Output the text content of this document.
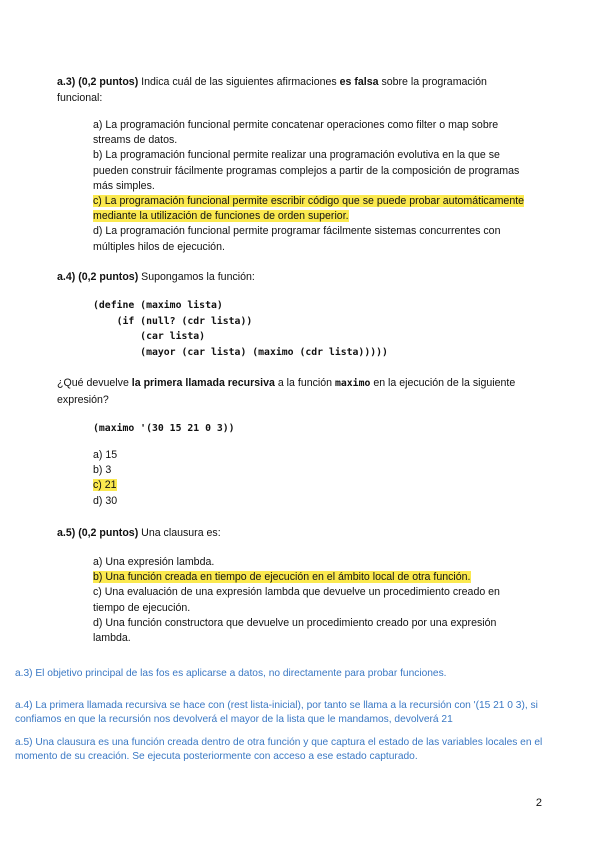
a.3) (0,2 puntos) Indica cuál de las siguientes afirmaciones es falsa sobre la programación funcional:

a) La programación funcional permite concatenar operaciones como filter o map sobre streams de datos.

b) La programación funcional permite realizar una programación evolutiva en la que se pueden construir fácilmente programas complejos a partir de la composición de programas más simples.

c) La programación funcional permite escribir código que se puede probar automáticamente mediante la utilización de funciones de orden superior.

d) La programación funcional permite programar fácilmente sistemas concurrentes con múltiples hilos de ejecución.

a.4) (0,2 puntos) Supongamos la función:
(define (maximo lista)
(if (null? (cdr lista))
(car lista)
(mayor (car lista) (maximo (cdr lista)))))
¿Qué devuelve la primera llamada recursiva a la función maximo en la ejecución de la siguiente expresión?
(maximo '(30 15 21 0 3))

a) 15

b) 3

c) 21

d) 30

a.5) (0,2 puntos) Una clausura es:

a) Una expresión lambda.

b) Una función creada en tiempo de ejecución en el ámbito local de otra función.

c) Una evaluación de una expresión lambda que devuelve un procedimiento creado en tiempo de ejecución.

d) Una función constructora que devuelve un procedimiento creado por una expresión lambda.

a.3) El objetivo principal de las fos es aplicarse a datos, no directamente para probar funciones.
a.4) La primera llamada recursiva se hace con (rest lista-inicial), por tanto se llama a la recursión con '(15 21 0 3), si confiamos en que la recursión nos devolverá el mayor de la lista que le mandamos, devolverá 21
a.5) Una clausura es una función creada dentro de otra función y que captura el estado de las variables locales en el momento de su creación. Se ejecuta posteriormente con acceso a ese estado capturado.
2
